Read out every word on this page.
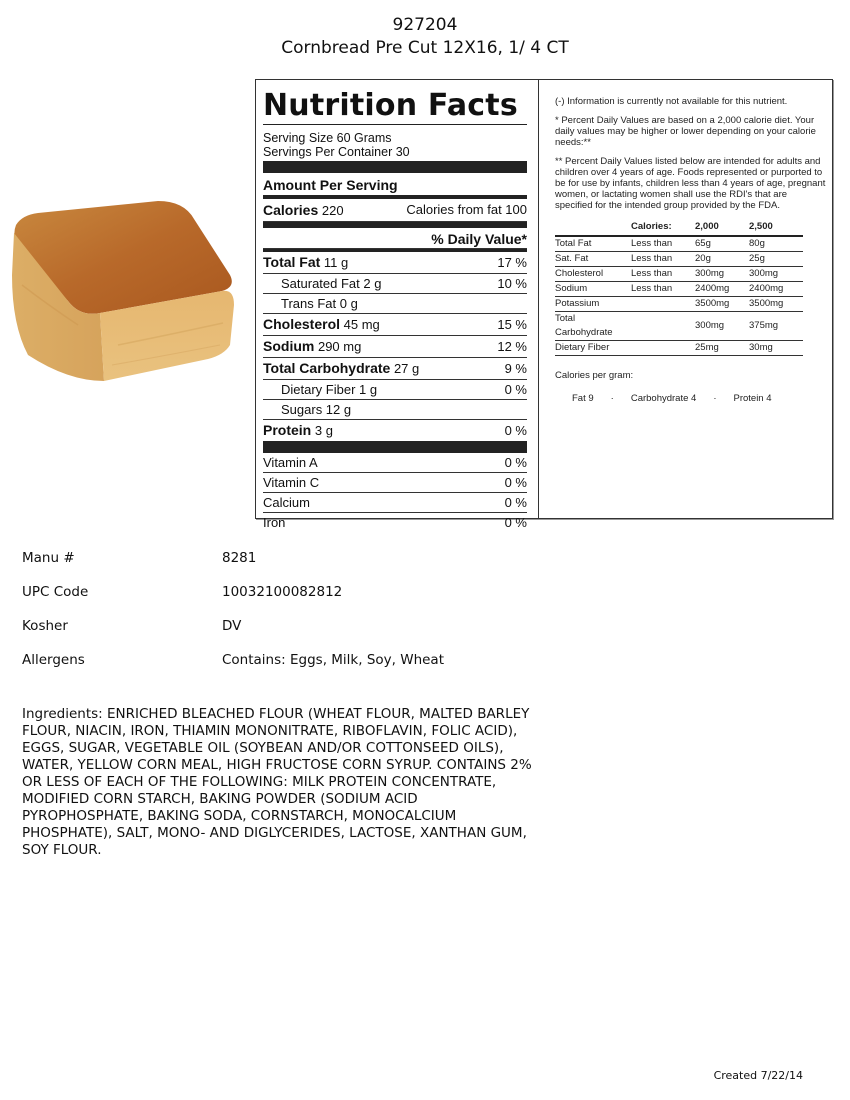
927204
Cornbread Pre Cut 12X16, 1/ 4 CT
Nutrition Facts
Serving Size 60 Grams
Servings Per Container 30
Amount Per Serving
Calories 220	Calories from fat 100
% Daily Value*
Total Fat 11 g	17 %
Saturated Fat 2 g	10 %
Trans Fat 0 g
Cholesterol 45 mg	15 %
Sodium 290 mg	12 %
Total Carbohydrate 27 g	9 %
Dietary Fiber 1 g	0 %
Sugars 12 g
Protein 3 g	0 %
Vitamin A	0 %
Vitamin C	0 %
Calcium	0 %
Iron	0 %

(-) Information is currently not available for this nutrient.

* Percent Daily Values are based on a 2,000 calorie diet. Your daily values may be higher or lower depending on your calorie needs:**

** Percent Daily Values listed below are intended for adults and children over 4 years of age. Foods represented or purported to be for use by infants, children less than 4 years of age, pregnant women, or lactating women shall use the RDI's that are specified for the intended group provided by the FDA.

	Calories:	2,000	2,500
Total Fat	Less than	65g	80g
Sat. Fat	Less than	20g	25g
Cholesterol	Less than	300mg	300mg
Sodium	Less than	2400mg	2400mg
Potassium		3500mg	3500mg
Total Carbohydrate		300mg	375mg
Dietary Fiber		25mg	30mg
Calories per gram:
Fat 9 · Carbohydrate 4 · Protein 4
Manu #	8281
UPC Code	10032100082812
Kosher	DV
Allergens	Contains: Eggs, Milk, Soy, Wheat
Ingredients: ENRICHED BLEACHED FLOUR (WHEAT FLOUR, MALTED BARLEY FLOUR, NIACIN, IRON, THIAMIN MONONITRATE, RIBOFLAVIN, FOLIC ACID), EGGS, SUGAR, VEGETABLE OIL (SOYBEAN AND/OR COTTONSEED OILS), WATER, YELLOW CORN MEAL, HIGH FRUCTOSE CORN SYRUP. CONTAINS 2% OR LESS OF EACH OF THE FOLLOWING: MILK PROTEIN CONCENTRATE, MODIFIED CORN STARCH, BAKING POWDER (SODIUM ACID PYROPHOSPHATE, BAKING SODA, CORNSTARCH, MONOCALCIUM PHOSPHATE), SALT, MONO- AND DIGLYCERIDES, LACTOSE, XANTHAN GUM, SOY FLOUR.
Created 7/22/14
